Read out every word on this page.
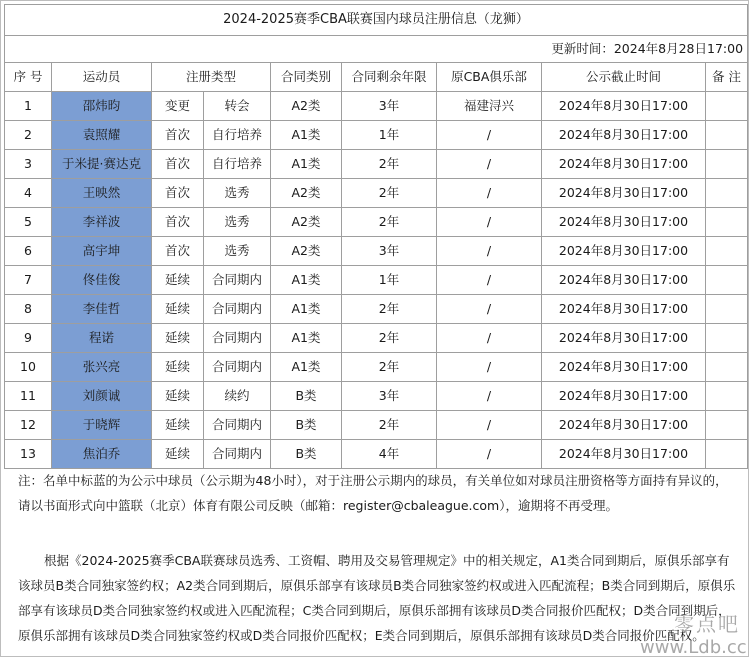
2024-2025赛季CBA联赛国内球员注册信息（龙狮）								
更新时间：2024年8月28日17:00								
序 号	运动员	注册类型		合同类别	合同剩余年限	原CBA俱乐部	公示截止时间	备 注
1	邵炜昀	变更	转会	A2类	3年	福建浔兴	2024年8月30日17:00	
2	袁照耀	首次	自行培养	A1类	1年	/	2024年8月30日17:00	
3	于米提·赛达克	首次	自行培养	A1类	2年	/	2024年8月30日17:00	
4	王映然	首次	选秀	A2类	2年	/	2024年8月30日17:00	
5	李祥波	首次	选秀	A2类	2年	/	2024年8月30日17:00	
6	高宇坤	首次	选秀	A2类	3年	/	2024年8月30日17:00	
7	佟佳俊	延续	合同期内	A1类	1年	/	2024年8月30日17:00	
8	李佳哲	延续	合同期内	A1类	2年	/	2024年8月30日17:00	
9	程诺	延续	合同期内	A1类	2年	/	2024年8月30日17:00	
10	张兴亮	延续	合同期内	A1类	2年	/	2024年8月30日17:00	
11	刘颜诚	延续	续约	B类	3年	/	2024年8月30日17:00	
12	于晓辉	延续	合同期内	B类	2年	/	2024年8月30日17:00	
13	焦泊乔	延续	合同期内	B类	4年	/	2024年8月30日17:00	
注：名单中标蓝的为公示中球员（公示期为48小时），对于注册公示期内的球员，有关单位如对球员注册资格等方面持有异议的，请以书面形式向中篮联（北京）体育有限公司反映（邮箱：register@cbaleague.com），逾期将不再受理。
根据《2024-2025赛季CBA联赛球员选秀、工资帽、聘用及交易管理规定》中的相关规定，A1类合同到期后，原俱乐部享有该球员B类合同独家签约权；A2类合同到期后，原俱乐部享有该球员B类合同独家签约权或进入匹配流程；B类合同到期后，原俱乐部享有该球员D类合同独家签约权或进入匹配流程；C类合同到期后，原俱乐部拥有该球员D类合同报价匹配权；D类合同到期后，原俱乐部拥有该球员D类合同独家签约权或D类合同报价匹配权；E类合同到期后，原俱乐部拥有该球员D类合同报价匹配权。
零点吧
www.Ldb.cc
